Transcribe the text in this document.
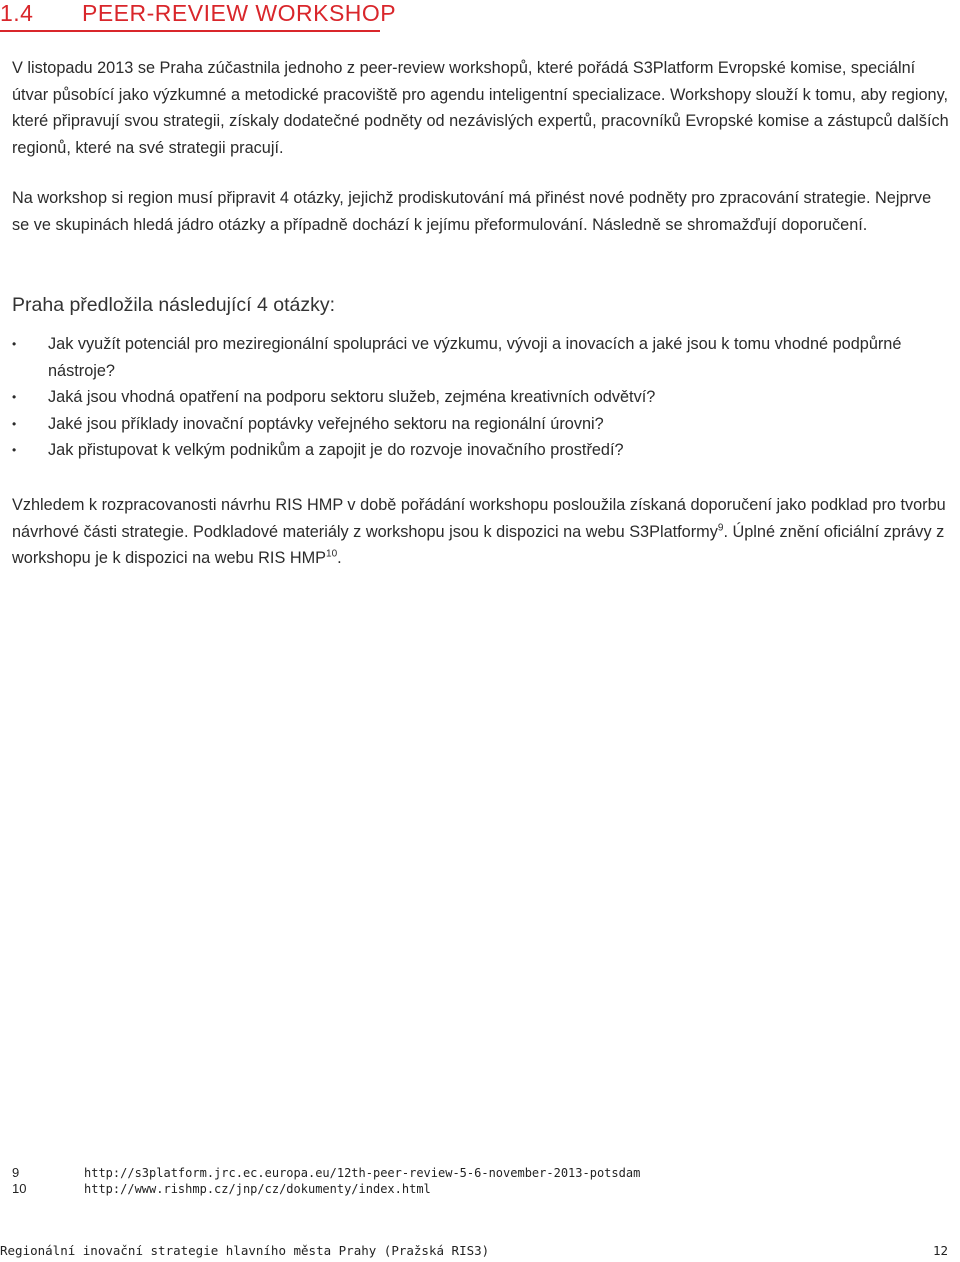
1.4 PEER-REVIEW WORKSHOP

V listopadu 2013 se Praha zúčastnila jednoho z peer-review workshopů, které pořádá S3Platform Evropské komise, speciální útvar působící jako výzkumné a metodické pracoviště pro agendu inteligentní specializace. Workshopy slouží k tomu, aby regiony, které připravují svou strategii, získaly dodatečné podněty od nezávislých expertů, pracovníků Evropské komise a zástupců dalších regionů, které na své strategii pracují.

Na workshop si region musí připravit 4 otázky, jejichž prodiskutování má přinést nové podněty pro zpracování strategie. Nejprve se ve skupinách hledá jádro otázky a případně dochází k jejímu přeformulování. Následně se shromažďují doporučení.

Praha předložila následující 4 otázky:

• Jak využít potenciál pro meziregionální spolupráci ve výzkumu, vývoji a inovacích a jaké jsou k tomu vhodné podpůrné nástroje?
• Jaká jsou vhodná opatření na podporu sektoru služeb, zejména kreativních odvětví?
• Jaké jsou příklady inovační poptávky veřejného sektoru na regionální úrovni?
• Jak přistupovat k velkým podnikům a zapojit je do rozvoje inovačního prostředí?

Vzhledem k rozpracovanosti návrhu RIS HMP v době pořádání workshopu posloužila získaná doporučení jako podklad pro tvorbu návrhové části strategie. Podkladové materiály z workshopu jsou k dispozici na webu S3Platformy$^9$. Úplné znění oficiální zprávy z workshopu je k dispozici na webu RIS HMP$^{10}$.

9	http://s3platform.jrc.ec.europa.eu/12th-peer-review-5-6-november-2013-potsdam
10	http://www.rishmp.cz/jnp/cz/dokumenty/index.html
Regionální inovační strategie hlavního města Prahy (Pražská RIS3)	12
